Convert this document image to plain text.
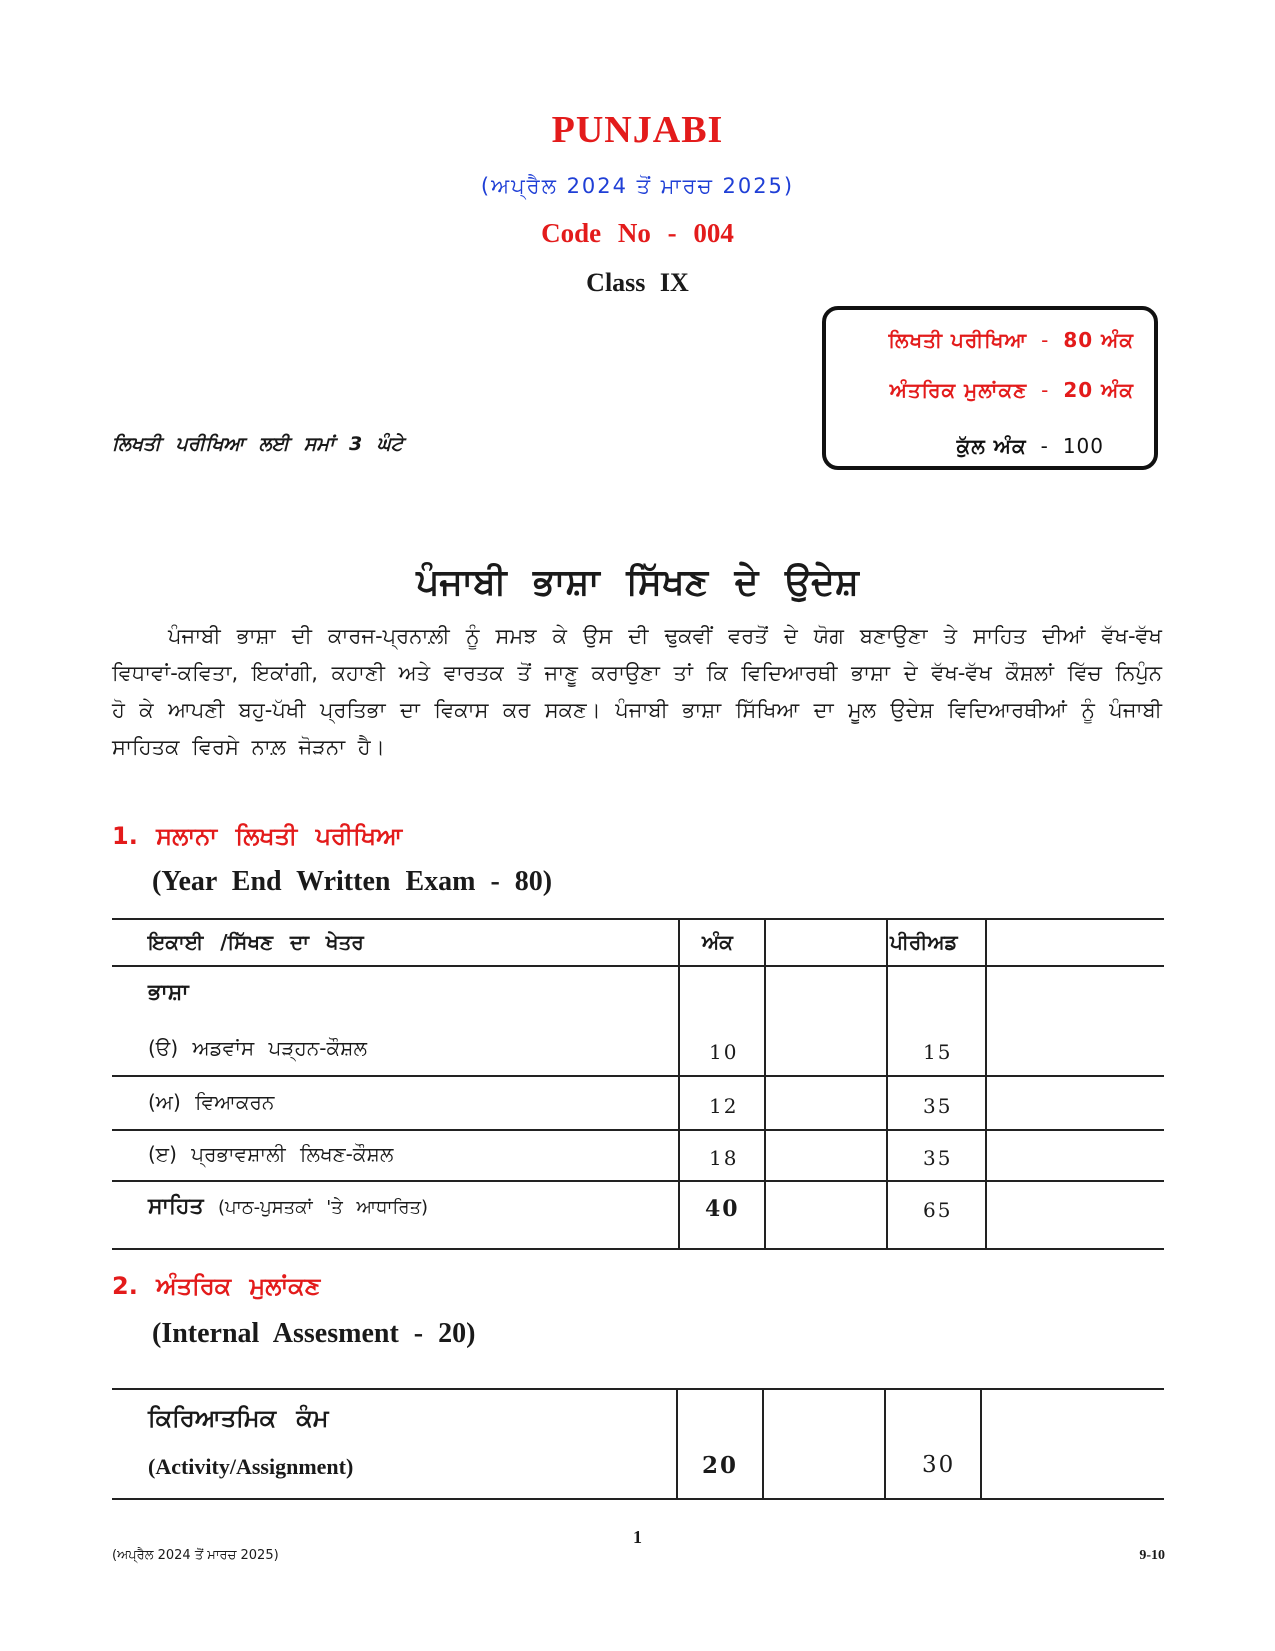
PUNJABI
(ਅਪ੍ਰੈਲ 2024 ਤੋਂ ਮਾਰਚ 2025)
Code No - 004
Class IX
ਲਿਖਤੀ ਪਰੀਖਿਆ - 80 ਅੰਕ
ਅੰਤਰਿਕ ਮੁਲਾਂਕਣ - 20 ਅੰਕ
ਕੁੱਲ ਅੰਕ - 100
ਲਿਖਤੀ ਪਰੀਖਿਆ ਲਈ ਸਮਾਂ 3 ਘੰਟੇ
ਪੰਜਾਬੀ ਭਾਸ਼ਾ ਸਿੱਖਣ ਦੇ ਉਦੇਸ਼
ਪੰਜਾਬੀ ਭਾਸ਼ਾ ਦੀ ਕਾਰਜ-ਪ੍ਰਨਾਲ਼ੀ ਨੂੰ ਸਮਝ ਕੇ ਉਸ ਦੀ ਢੁਕਵੀਂ ਵਰਤੋਂ ਦੇ ਯੋਗ ਬਣਾਉਣਾ ਤੇ ਸਾਹਿਤ ਦੀਆਂ ਵੱਖ-ਵੱਖ ਵਿਧਾਵਾਂ-ਕਵਿਤਾ, ਇਕਾਂਗੀ, ਕਹਾਣੀ ਅਤੇ ਵਾਰਤਕ ਤੋਂ ਜਾਣੂ ਕਰਾਉਣਾ ਤਾਂ ਕਿ ਵਿਦਿਆਰਥੀ ਭਾਸ਼ਾ ਦੇ ਵੱਖ-ਵੱਖ ਕੌਸ਼ਲਾਂ ਵਿੱਚ ਨਿਪੁੰਨ ਹੋ ਕੇ ਆਪਣੀ ਬਹੁ-ਪੱਖੀ ਪ੍ਰਤਿਭਾ ਦਾ ਵਿਕਾਸ ਕਰ ਸਕਣ। ਪੰਜਾਬੀ ਭਾਸ਼ਾ ਸਿੱਖਿਆ ਦਾ ਮੂਲ ਉਦੇਸ਼ ਵਿਦਿਆਰਥੀਆਂ ਨੂੰ ਪੰਜਾਬੀ ਸਾਹਿਤਕ ਵਿਰਸੇ ਨਾਲ਼ ਜੋੜਨਾ ਹੈ।
1. ਸਲਾਨਾ ਲਿਖਤੀ ਪਰੀਖਿਆ
(Year End Written Exam - 80)
ਇਕਾਈ /ਸਿੱਖਣ ਦਾ ਖੇਤਰ	ਅੰਕ	ਪੀਰੀਅਡ
ਭਾਸ਼ਾ
(ੳ) ਅਡਵਾਂਸ ਪੜ੍ਹਨ-ਕੌਸ਼ਲ	10	15
(ਅ) ਵਿਆਕਰਨ	12	35
(ੲ) ਪ੍ਰਭਾਵਸ਼ਾਲੀ ਲਿਖਣ-ਕੌਸ਼ਲ	18	35
ਸਾਹਿਤ (ਪਾਠ-ਪੁਸਤਕਾਂ 'ਤੇ ਆਧਾਰਿਤ)	40	65
2. ਅੰਤਰਿਕ ਮੁਲਾਂਕਣ
(Internal Assesment - 20)
ਕਿਰਿਆਤਮਿਕ ਕੰਮ
(Activity/Assignment)	20	30
1
(ਅਪ੍ਰੈਲ 2024 ਤੋਂ ਮਾਰਚ 2025)	9-10
